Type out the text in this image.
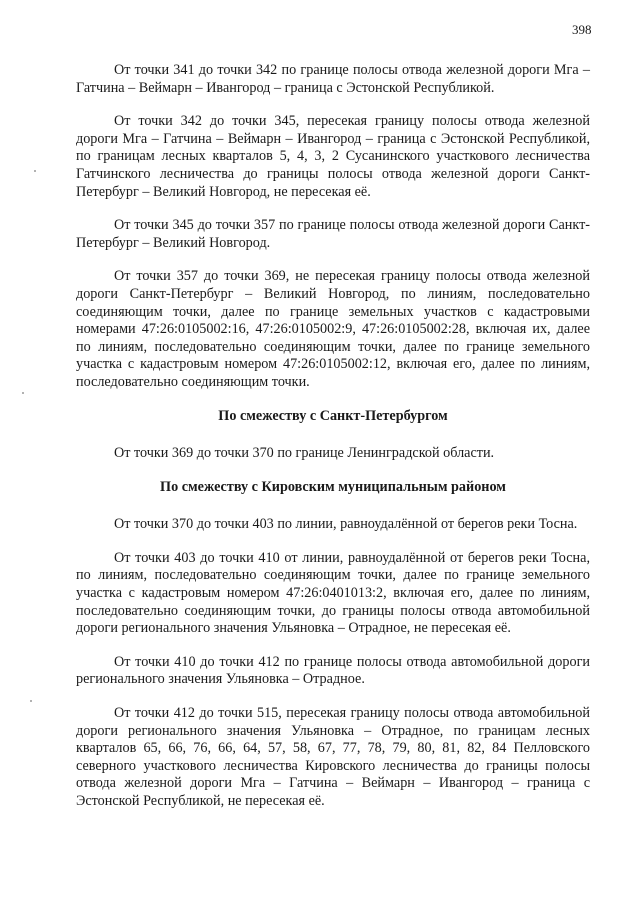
398

От точки 341 до точки 342 по границе полосы отвода железной дороги Мга – Гатчина – Веймарн – Ивангород – граница с Эстонской Республикой.

От точки 342 до точки 345, пересекая границу полосы отвода железной дороги Мга – Гатчина – Веймарн – Ивангород – граница с Эстонской Республикой, по границам лесных кварталов 5, 4, 3, 2 Сусанинского участкового лесничества Гатчинского лесничества до границы полосы отвода железной дороги Санкт-Петербург – Великий Новгород, не пересекая её.

От точки 345 до точки 357 по границе полосы отвода железной дороги Санкт-Петербург – Великий Новгород.

От точки 357 до точки 369, не пересекая границу полосы отвода железной дороги Санкт-Петербург – Великий Новгород, по линиям, последовательно соединяющим точки, далее по границе земельных участков с кадастровыми номерами 47:26:0105002:16, 47:26:0105002:9, 47:26:0105002:28, включая их, далее по линиям, последовательно соединяющим точки, далее по границе земельного участка с кадастровым номером 47:26:0105002:12, включая его, далее по линиям, последовательно соединяющим точки.

По смежеству с Санкт-Петербургом

От точки 369 до точки 370 по границе Ленинградской области.

По смежеству с Кировским муниципальным районом

От точки 370 до точки 403 по линии, равноудалённой от берегов реки Тосна.

От точки 403 до точки 410 от линии, равноудалённой от берегов реки Тосна, по линиям, последовательно соединяющим точки, далее по границе земельного участка с кадастровым номером 47:26:0401013:2, включая его, далее по линиям, последовательно соединяющим точки, до границы полосы отвода автомобильной дороги регионального значения Ульяновка – Отрадное, не пересекая её.

От точки 410 до точки 412 по границе полосы отвода автомобильной дороги регионального значения Ульяновка – Отрадное.

От точки 412 до точки 515, пересекая границу полосы отвода автомобильной дороги регионального значения Ульяновка – Отрадное, по границам лесных кварталов 65, 66, 76, 66, 64, 57, 58, 67, 77, 78, 79, 80, 81, 82, 84 Пелловского северного участкового лесничества Кировского лесничества до границы полосы отвода железной дороги Мга – Гатчина – Веймарн – Ивангород – граница с Эстонской Республикой, не пересекая её.
